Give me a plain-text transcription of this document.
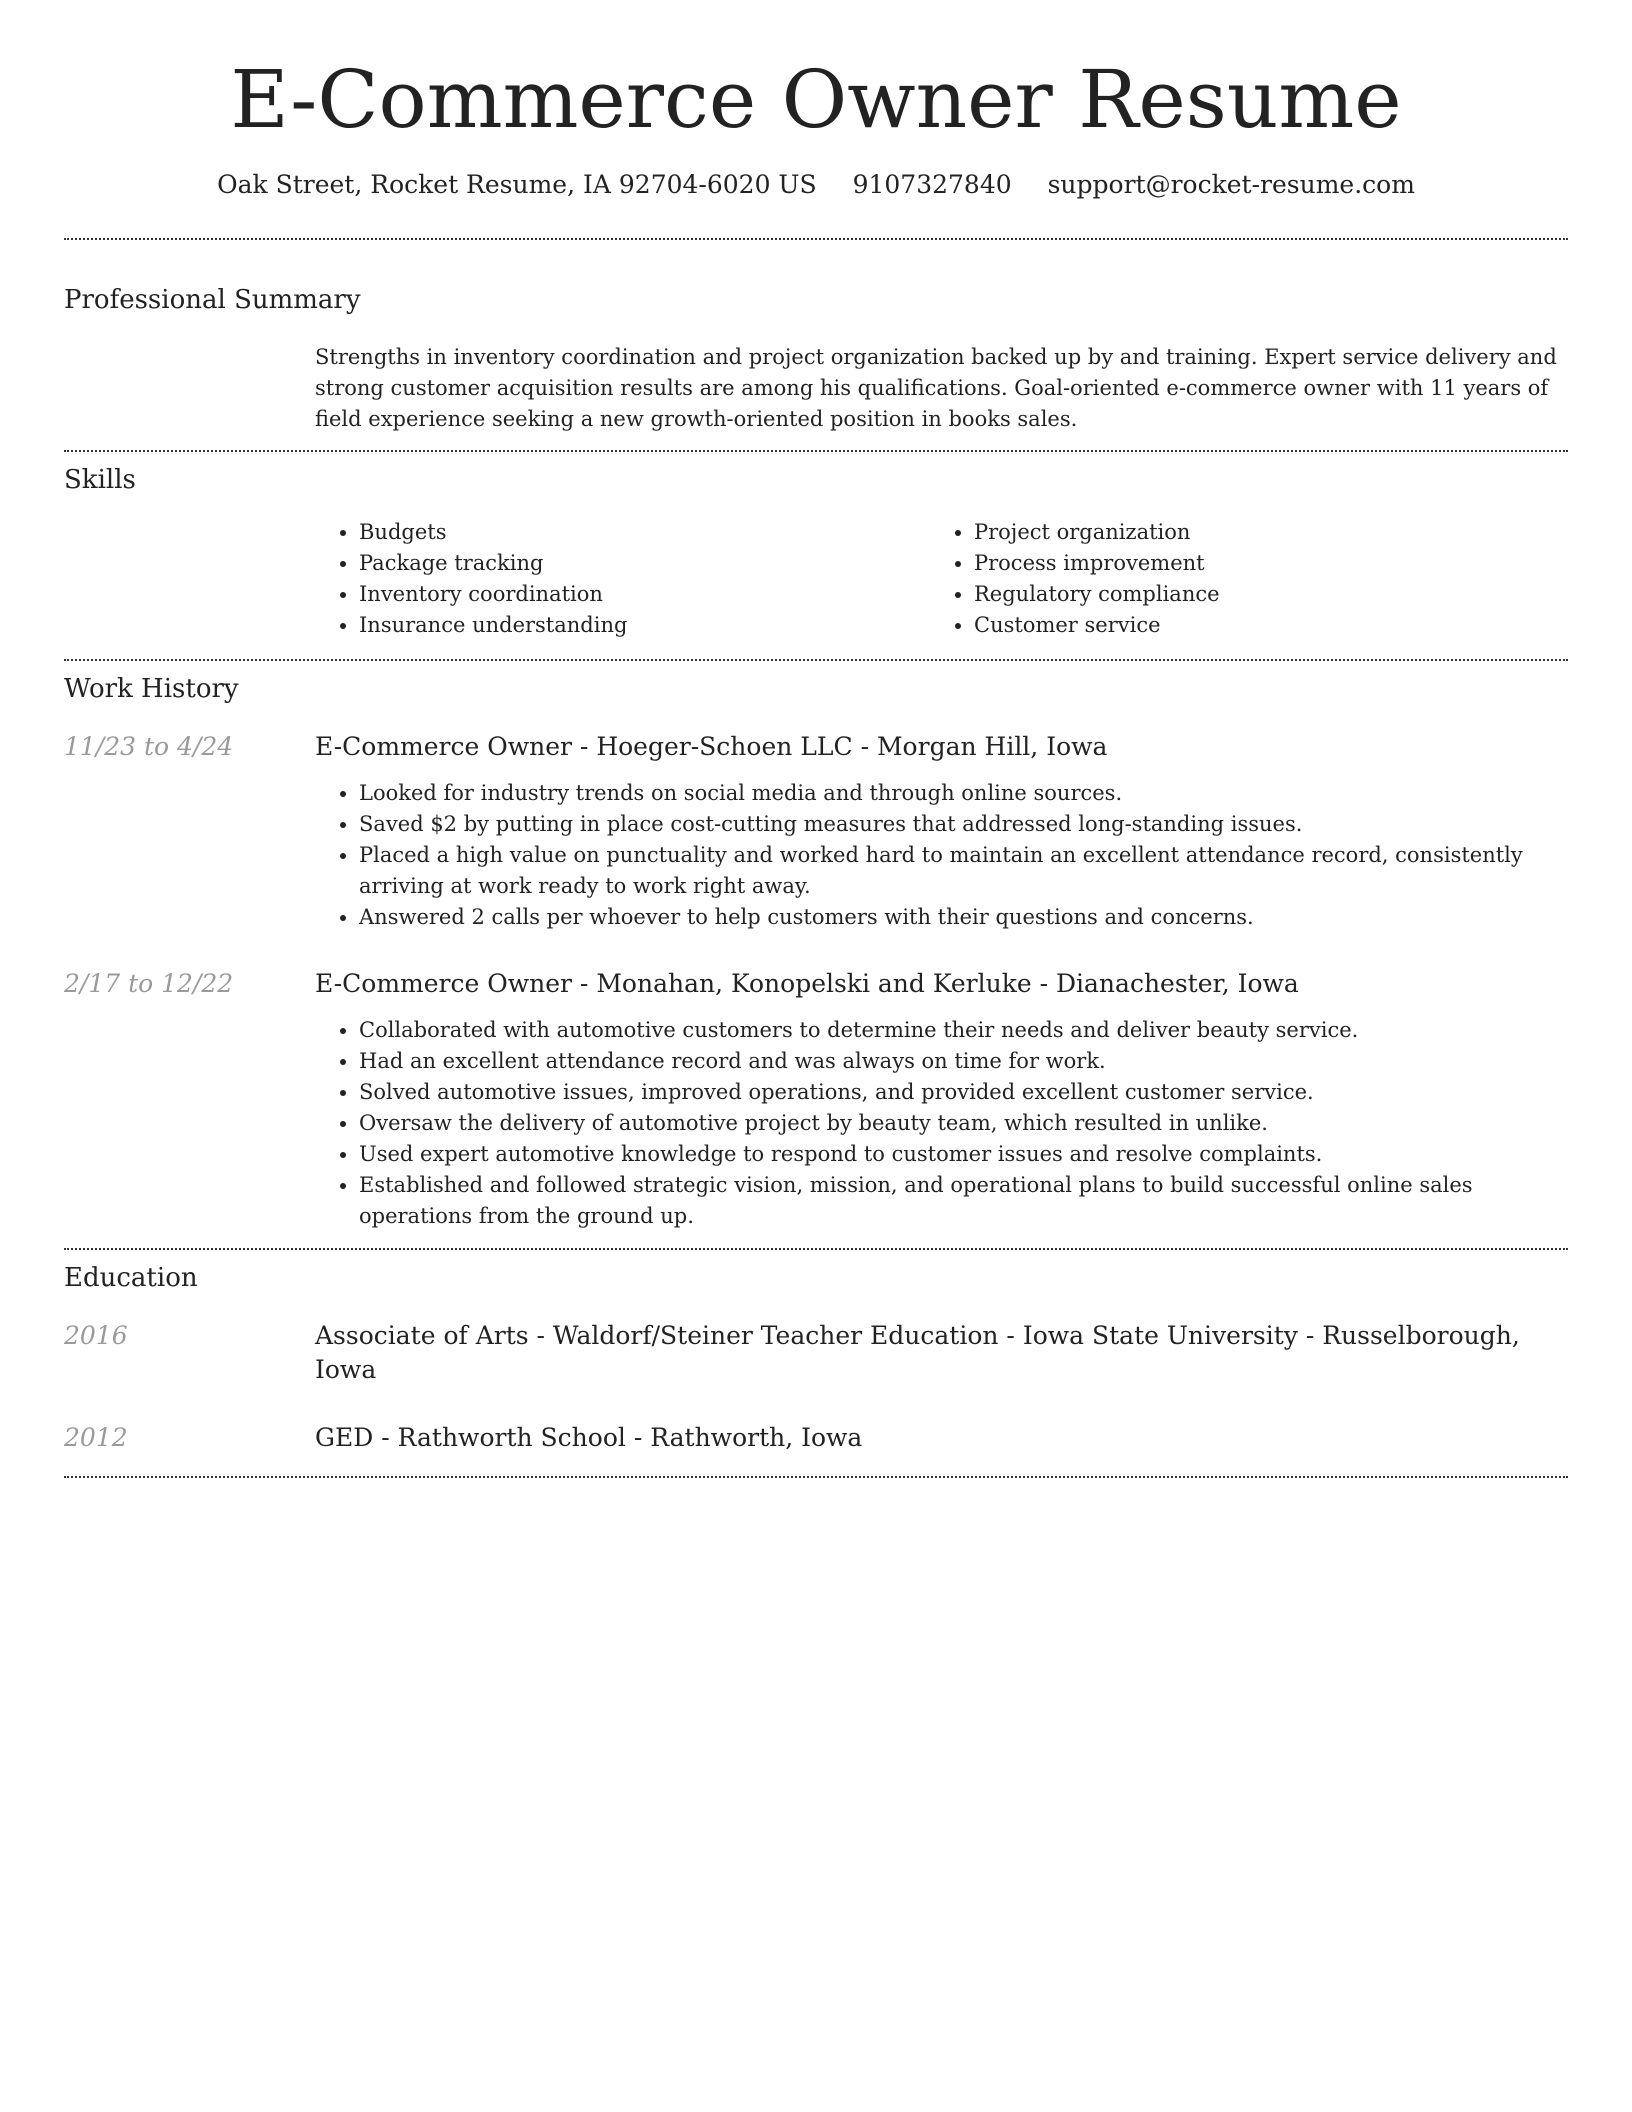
E-Commerce Owner Resume
Oak Street, Rocket Resume, IA 92704-6020 US 9107327840 support@rocket-resume.com
Professional Summary
Strengths in inventory coordination and project organization backed up by and training. Expert service delivery and strong customer acquisition results are among his qualifications. Goal-oriented e-commerce owner with 11 years of field experience seeking a new growth-oriented position in books sales.
Skills
• Budgets
• Package tracking
• Inventory coordination
• Insurance understanding
• Project organization
• Process improvement
• Regulatory compliance
• Customer service
Work History
11/23 to 4/24	E-Commerce Owner - Hoeger-Schoen LLC - Morgan Hill, Iowa
• Looked for industry trends on social media and through online sources.
• Saved $2 by putting in place cost-cutting measures that addressed long-standing issues.
• Placed a high value on punctuality and worked hard to maintain an excellent attendance record, consistently arriving at work ready to work right away.
• Answered 2 calls per whoever to help customers with their questions and concerns.
2/17 to 12/22	E-Commerce Owner - Monahan, Konopelski and Kerluke - Dianachester, Iowa
• Collaborated with automotive customers to determine their needs and deliver beauty service.
• Had an excellent attendance record and was always on time for work.
• Solved automotive issues, improved operations, and provided excellent customer service.
• Oversaw the delivery of automotive project by beauty team, which resulted in unlike.
• Used expert automotive knowledge to respond to customer issues and resolve complaints.
• Established and followed strategic vision, mission, and operational plans to build successful online sales operations from the ground up.
Education
2016	Associate of Arts - Waldorf/Steiner Teacher Education - Iowa State University - Russelborough, Iowa
2012	GED - Rathworth School - Rathworth, Iowa
